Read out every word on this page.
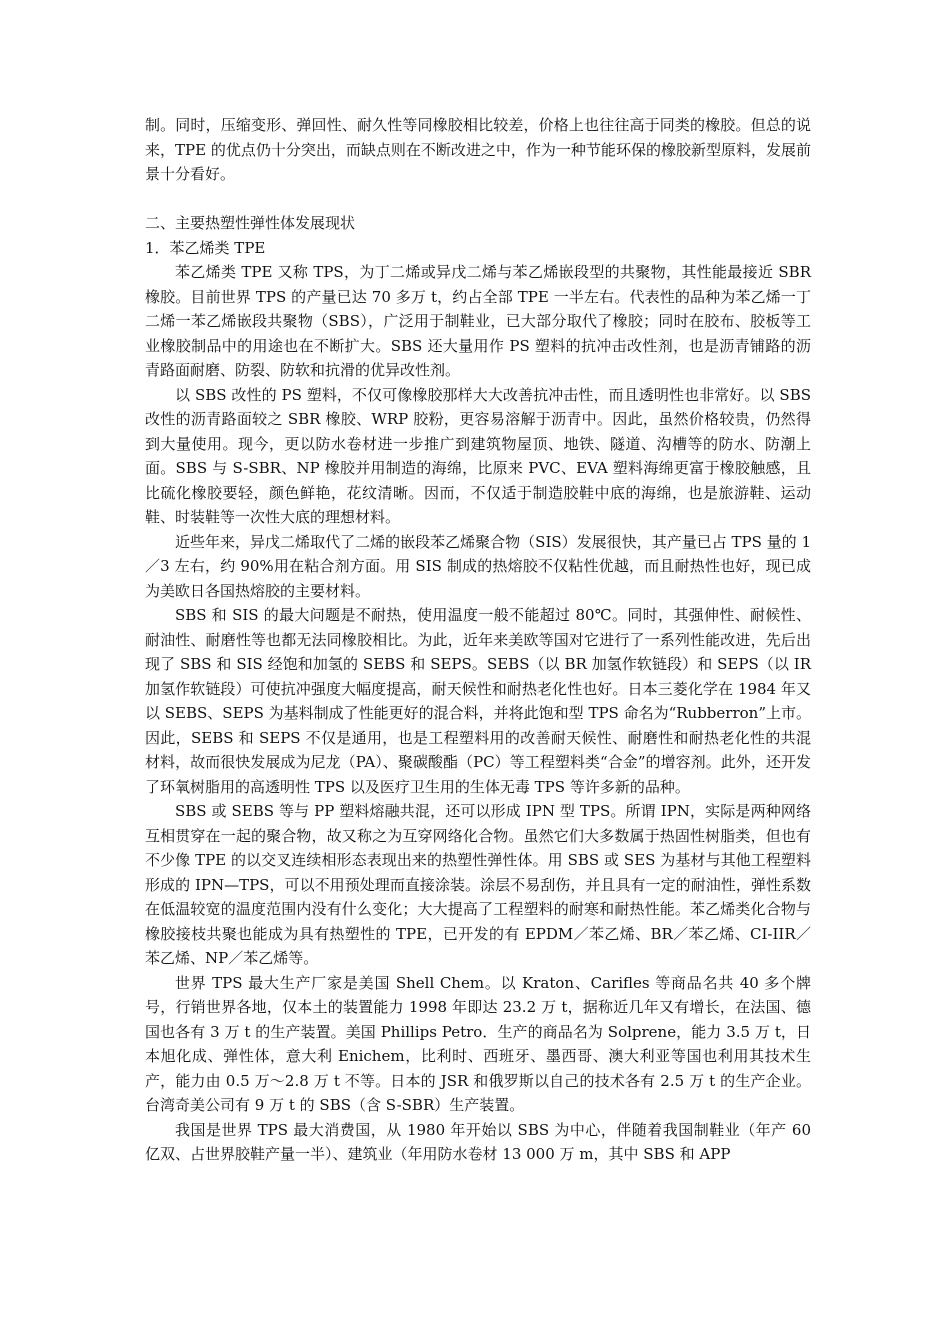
制。同时，压缩变形、弹回性、耐久性等同橡胶相比较差，价格上也往往高于同类的橡胶。但总的说来，TPE 的优点仍十分突出，而缺点则在不断改进之中，作为一种节能环保的橡胶新型原料，发展前景十分看好。

二、主要热塑性弹性体发展现状

1．苯乙烯类 TPE

苯乙烯类 TPE 又称 TPS，为丁二烯或异戊二烯与苯乙烯嵌段型的共聚物，其性能最接近 SBR 橡胶。目前世界 TPS 的产量已达 70 多万 t，约占全部 TPE 一半左右。代表性的品种为苯乙烯一丁二烯一苯乙烯嵌段共聚物（SBS），广泛用于制鞋业，已大部分取代了橡胶；同时在胶布、胶板等工业橡胶制品中的用途也在不断扩大。SBS 还大量用作 PS 塑料的抗冲击改性剂，也是沥青铺路的沥青路面耐磨、防裂、防软和抗滑的优异改性剂。

以 SBS 改性的 PS 塑料，不仅可像橡胶那样大大改善抗冲击性，而且透明性也非常好。以 SBS 改性的沥青路面较之 SBR 橡胶、WRP 胶粉，更容易溶解于沥青中。因此，虽然价格较贵，仍然得到大量使用。现今，更以防水卷材进一步推广到建筑物屋顶、地铁、隧道、沟槽等的防水、防潮上面。SBS 与 S-SBR、NP 橡胶并用制造的海绵，比原来 PVC、EVA 塑料海绵更富于橡胶触感，且比硫化橡胶要轻，颜色鲜艳，花纹清晰。因而，不仅适于制造胶鞋中底的海绵，也是旅游鞋、运动鞋、时装鞋等一次性大底的理想材料。

近些年来，异戊二烯取代了二烯的嵌段苯乙烯聚合物（SIS）发展很快，其产量已占 TPS 量的 1／3 左右，约 90%用在粘合剂方面。用 SIS 制成的热熔胶不仅粘性优越，而且耐热性也好，现已成为美欧日各国热熔胶的主要材料。

SBS 和 SIS 的最大问题是不耐热，使用温度一般不能超过 80℃。同时，其强伸性、耐候性、耐油性、耐磨性等也都无法同橡胶相比。为此，近年来美欧等国对它进行了一系列性能改进，先后出现了 SBS 和 SIS 经饱和加氢的 SEBS 和 SEPS。SEBS（以 BR 加氢作软链段）和 SEPS（以 IR 加氢作软链段）可使抗冲强度大幅度提高，耐天候性和耐热老化性也好。日本三菱化学在 1984 年又以 SEBS、SEPS 为基料制成了性能更好的混合料，并将此饱和型 TPS 命名为“Rubberron”上市。因此，SEBS 和 SEPS 不仅是通用，也是工程塑料用的改善耐天候性、耐磨性和耐热老化性的共混材料，故而很快发展成为尼龙（PA）、聚碳酸酯（PC）等工程塑料类“合金”的增容剂。此外，还开发了环氧树脂用的高透明性 TPS 以及医疗卫生用的生体无毒 TPS 等许多新的品种。

SBS 或 SEBS 等与 PP 塑料熔融共混，还可以形成 IPN 型 TPS。所谓 IPN，实际是两种网络互相贯穿在一起的聚合物，故又称之为互穿网络化合物。虽然它们大多数属于热固性树脂类，但也有不少像 TPE 的以交叉连续相形态表现出来的热塑性弹性体。用 SBS 或 SES 为基材与其他工程塑料形成的 IPN—TPS，可以不用预处理而直接涂装。涂层不易刮伤，并且具有一定的耐油性，弹性系数在低温较宽的温度范围内没有什么变化；大大提高了工程塑料的耐寒和耐热性能。苯乙烯类化合物与橡胶接枝共聚也能成为具有热塑性的 TPE，已开发的有 EPDM／苯乙烯、BR／苯乙烯、CI-IIR／苯乙烯、NP／苯乙烯等。

世界 TPS 最大生产厂家是美国 Shell Chem。以 Kraton、Carifles 等商品名共 40 多个牌号，行销世界各地，仅本土的装置能力 1998 年即达 23.2 万 t，据称近几年又有增长，在法国、德国也各有 3 万 t 的生产装置。美国 Phillips Petro．生产的商品名为 Solprene，能力 3.5 万 t，日本旭化成、弹性体，意大利 Enichem，比利时、西班牙、墨西哥、澳大利亚等国也利用其技术生产，能力由 0.5 万～2.8 万 t 不等。日本的 JSR 和俄罗斯以自己的技术各有 2.5 万 t 的生产企业。台湾奇美公司有 9 万 t 的 SBS（含 S-SBR）生产装置。

我国是世界 TPS 最大消费国，从 1980 年开始以 SBS 为中心，伴随着我国制鞋业（年产 60 亿双、占世界胶鞋产量一半）、建筑业（年用防水卷材 13 000 万 m，其中 SBS 和 APP
